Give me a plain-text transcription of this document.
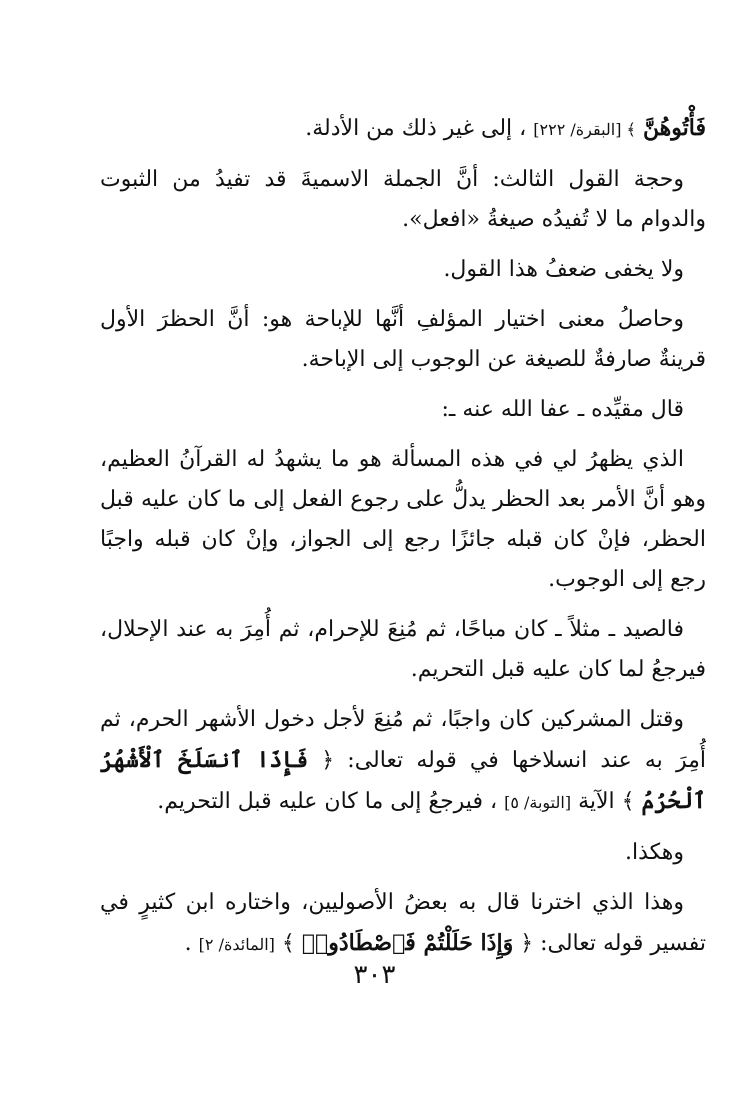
فَأْتُوهُنَّ ﴾ [البقرة/ ٢٢٢] ، إلى غير ذلك من الأدلة.

وحجة القول الثالث: أنَّ الجملة الاسميةَ قد تفيدُ من الثبوت والدوام ما لا تُفيدُه صيغةُ «افعل».

ولا يخفى ضعفُ هذا القول.

وحاصلُ معنى اختيار المؤلفِ أنَّها للإباحة هو: أنَّ الحظرَ الأول قرينةٌ صارفةٌ للصيغة عن الوجوب إلى الإباحة.

قال مقيِّده ـ عفا الله عنه ـ:

الذي يظهرُ لي في هذه المسألة هو ما يشهدُ له القرآنُ العظيم، وهو أنَّ الأمر بعد الحظر يدلُّ على رجوع الفعل إلى ما كان عليه قبل الحظر، فإنْ كان قبله جائزًا رجع إلى الجواز، وإنْ كان قبله واجبًا رجع إلى الوجوب.

فالصيد ـ مثلاً ـ كان مباحًا، ثم مُنِعَ للإحرام، ثم أُمِرَ به عند الإحلال، فيرجعُ لما كان عليه قبل التحريم.

وقتل المشركين كان واجبًا، ثم مُنِعَ لأجل دخول الأشهر الحرم، ثم أُمِرَ به عند انسلاخها في قوله تعالى: ﴿ فَإِذَا ٱنسَلَخَ ٱلْأَشْهُرُ ٱلْحُرُمُ ﴾ الآية [التوبة/ ٥] ، فيرجعُ إلى ما كان عليه قبل التحريم.

وهكذا.

وهذا الذي اخترنا قال به بعضُ الأصوليين، واختاره ابن كثيرٍ في تفسير قوله تعالى: ﴿ وَإِذَا حَلَلْتُمْ فَٱصْطَادُوا۟ ﴾ [المائدة/ ٢] .

٣٠٣
